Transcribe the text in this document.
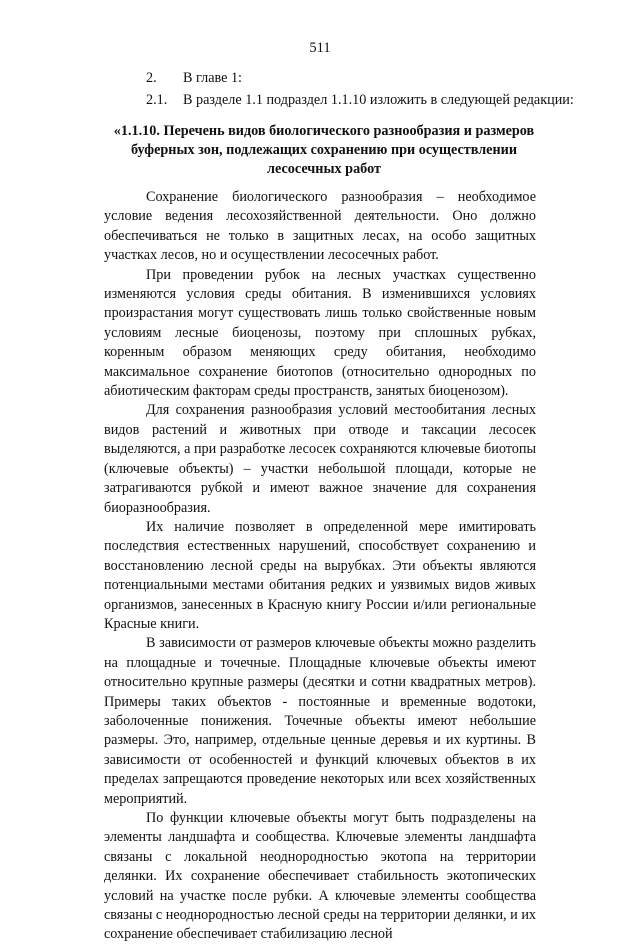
511
2. В главе 1:
2.1. В разделе 1.1 подраздел 1.1.10 изложить в следующей редакции:
«1.1.10. Перечень видов биологического разнообразия и размеров буферных зон, подлежащих сохранению при осуществлении лесосечных работ

Сохранение биологического разнообразия – необходимое условие ведения лесохозяйственной деятельности. Оно должно обеспечиваться не только в защитных лесах, на особо защитных участках лесов, но и осуществлении лесосечных работ.

При проведении рубок на лесных участках существенно изменяются условия среды обитания. В изменившихся условиях произрастания могут существовать лишь только свойственные новым условиям лесные биоценозы, поэтому при сплошных рубках, коренным образом меняющих среду обитания, необходимо максимальное сохранение биотопов (относительно однородных по абиотическим факторам среды пространств, занятых биоценозом).

Для сохранения разнообразия условий местообитания лесных видов растений и животных при отводе и таксации лесосек выделяются, а при разработке лесосек сохраняются ключевые биотопы (ключевые объекты) – участки небольшой площади, которые не затрагиваются рубкой и имеют важное значение для сохранения биоразнообразия.

Их наличие позволяет в определенной мере имитировать последствия естественных нарушений, способствует сохранению и восстановлению лесной среды на вырубках. Эти объекты являются потенциальными местами обитания редких и уязвимых видов живых организмов, занесенных в Красную книгу России и/или региональные Красные книги.

В зависимости от размеров ключевые объекты можно разделить на площадные и точечные. Площадные ключевые объекты имеют относительно крупные размеры (десятки и сотни квадратных метров). Примеры таких объектов - постоянные и временные водотоки, заболоченные понижения. Точечные объекты имеют небольшие размеры. Это, например, отдельные ценные деревья и их куртины. В зависимости от особенностей и функций ключевых объектов в их пределах запрещаются проведение некоторых или всех хозяйственных мероприятий.

По функции ключевые объекты могут быть подразделены на элементы ландшафта и сообщества. Ключевые элементы ландшафта связаны с локальной неоднородностью экотопа на территории делянки. Их сохранение обеспечивает стабильность экотопических условий на участке после рубки. А ключевые элементы сообщества связаны с неоднородностью лесной среды на территории делянки, и их сохранение обеспечивает стабилизацию лесной
